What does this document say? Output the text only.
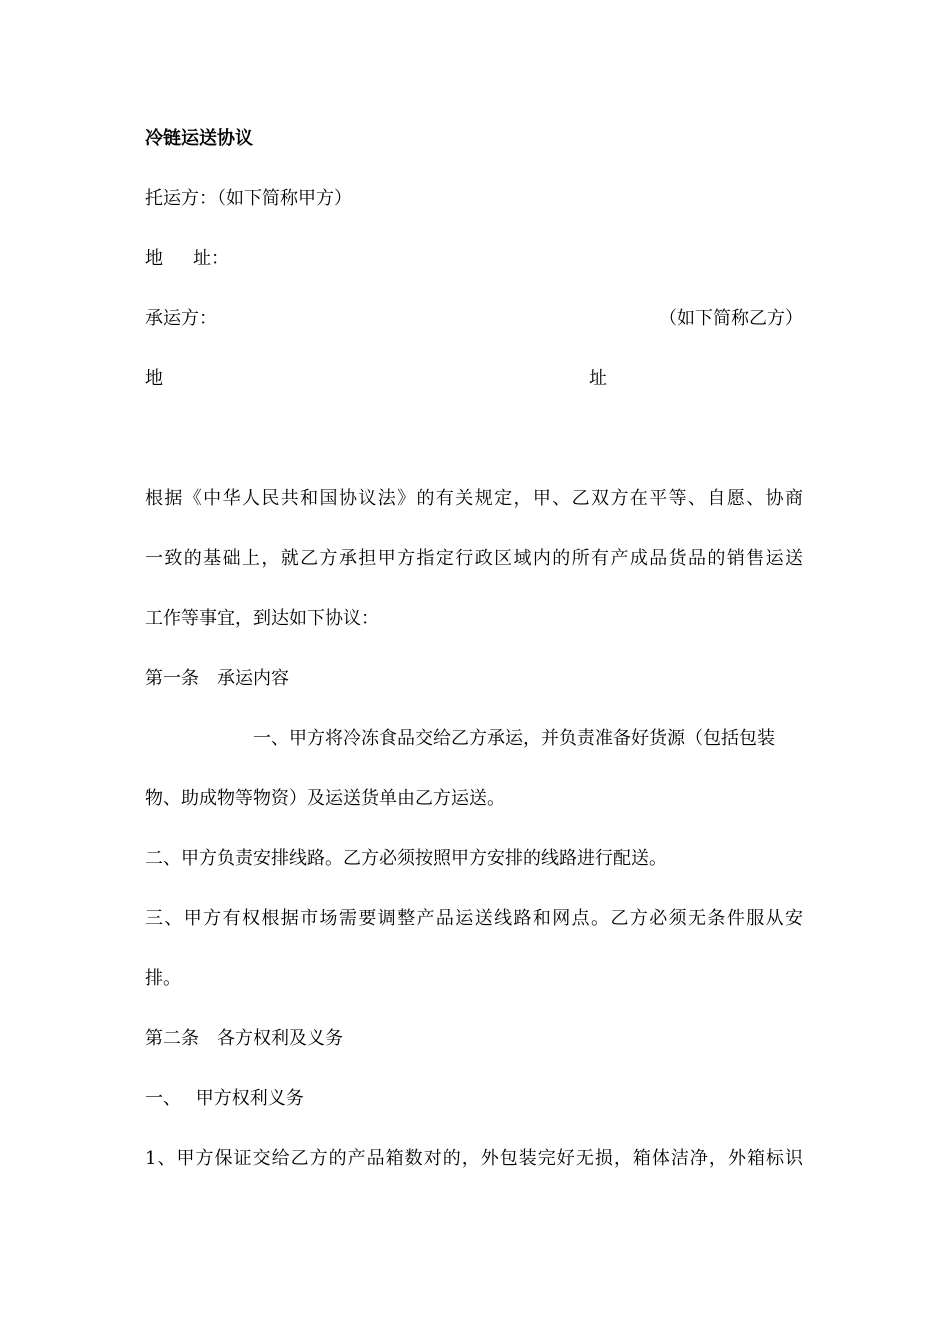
冷链运送协议
托运方：（如下简称甲方）
地 址：
承运方：	（如下简称乙方）
地	址
根据《中华人民共和国协议法》的有关规定，甲、乙双方在平等、自愿、协商
一致的基础上，就乙方承担甲方指定行政区域内的所有产成品货品的销售运送
工作等事宜，到达如下协议：
第一条　承运内容
一、甲方将冷冻食品交给乙方承运，并负责准备好货源（包括包装
物、助成物等物资）及运送货单由乙方运送。
二、甲方负责安排线路。乙方必须按照甲方安排的线路进行配送。
三、甲方有权根据市场需要调整产品运送线路和网点。乙方必须无条件服从安
排。
第二条　各方权利及义务
一、　 甲方权利义务
1、甲方保证交给乙方的产品箱数对的，外包装完好无损，箱体洁净，外箱标识
